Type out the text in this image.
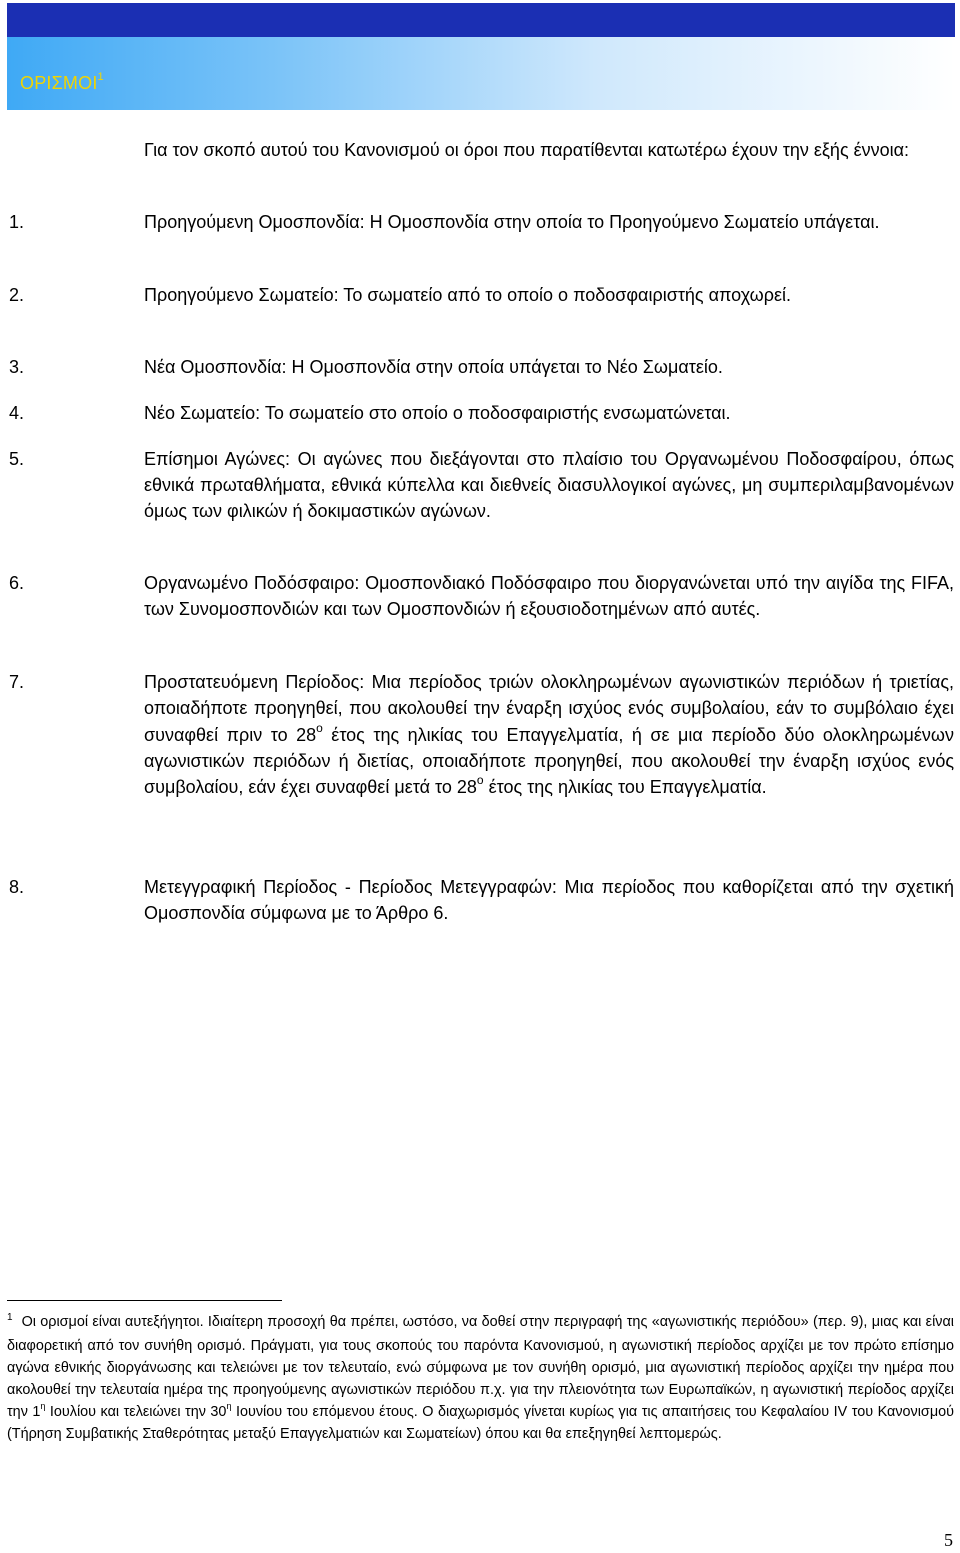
ΟΡΙΣΜΟΙ$^1$
Για τον σκοπό αυτού του Κανονισμού οι όροι που παρατίθενται κατωτέρω έχουν την εξής έννοια:
1.	Προηγούμενη Ομοσπονδία: Η Ομοσπονδία στην οποία το Προηγούμενο Σωματείο υπάγεται.
2.	Προηγούμενο Σωματείο: Το σωματείο από το οποίο ο ποδοσφαιριστής αποχωρεί.
3.	Νέα Ομοσπονδία: Η Ομοσπονδία στην οποία υπάγεται το Νέο Σωματείο.
4.	Νέο Σωματείο: Το σωματείο στο οποίο ο ποδοσφαιριστής ενσωματώνεται.
5.	Επίσημοι Αγώνες: Οι αγώνες που διεξάγονται στο πλαίσιο του Οργανωμένου Ποδοσφαίρου, όπως εθνικά πρωταθλήματα, εθνικά κύπελλα και διεθνείς διασυλλογικοί αγώνες, μη συμπεριλαμβανομένων όμως των φιλικών ή δοκιμαστικών αγώνων.
6.	Οργανωμένο Ποδόσφαιρο: Ομοσπονδιακό Ποδόσφαιρο που διοργανώνεται υπό την αιγίδα της FIFA, των Συνομοσπονδιών και των Ομοσπονδιών ή εξουσιοδοτημένων από αυτές.
7.	Προστατευόμενη Περίοδος: Μια περίοδος τριών ολοκληρωμένων αγωνιστικών περιόδων ή τριετίας, οποιαδήποτε προηγηθεί, που ακολουθεί την έναρξη ισχύος ενός συμβολαίου, εάν το συμβόλαιο έχει συναφθεί πριν το $28^o$ έτος της ηλικίας του Επαγγελματία, ή σε μια περίοδο δύο ολοκληρωμένων αγωνιστικών περιόδων ή διετίας, οποιαδήποτε προηγηθεί, που ακολουθεί την έναρξη ισχύος ενός συμβολαίου, εάν έχει συναφθεί μετά το $28^o$ έτος της ηλικίας του Επαγγελματία.
8.	Μετεγγραφική Περίοδος - Περίοδος Μετεγγραφών: Μια περίοδος που καθορίζεται από την σχετική Ομοσπονδία σύμφωνα με το Άρθρο 6.
$^1$ Οι ορισμοί είναι αυτεξήγητοι. Ιδιαίτερη προσοχή θα πρέπει, ωστόσο, να δοθεί στην περιγραφή της «αγωνιστικής περιόδου» (περ. 9), μιας και είναι διαφορετική από τον συνήθη ορισμό. Πράγματι, για τους σκοπούς του παρόντα Κανονισμού, η αγωνιστική περίοδος αρχίζει με τον πρώτο επίσημο αγώνα εθνικής διοργάνωσης και τελειώνει με τον τελευταίο, ενώ σύμφωνα με τον συνήθη ορισμό, μια αγωνιστική περίοδος αρχίζει την ημέρα που ακολουθεί την τελευταία ημέρα της προηγούμενης αγωνιστικών περιόδου π.χ. για την πλειονότητα των Ευρωπαϊκών, η αγωνιστική περίοδος αρχίζει την $1^\eta$ Ιουλίου και τελειώνει την $30^\eta$ Ιουνίου του επόμενου έτους. Ο διαχωρισμός γίνεται κυρίως για τις απαιτήσεις του Κεφαλαίου IV του Κανονισμού (Τήρηση Συμβατικής Σταθερότητας μεταξύ Επαγγελματιών και Σωματείων) όπου και θα επεξηγηθεί λεπτομερώς.
5
